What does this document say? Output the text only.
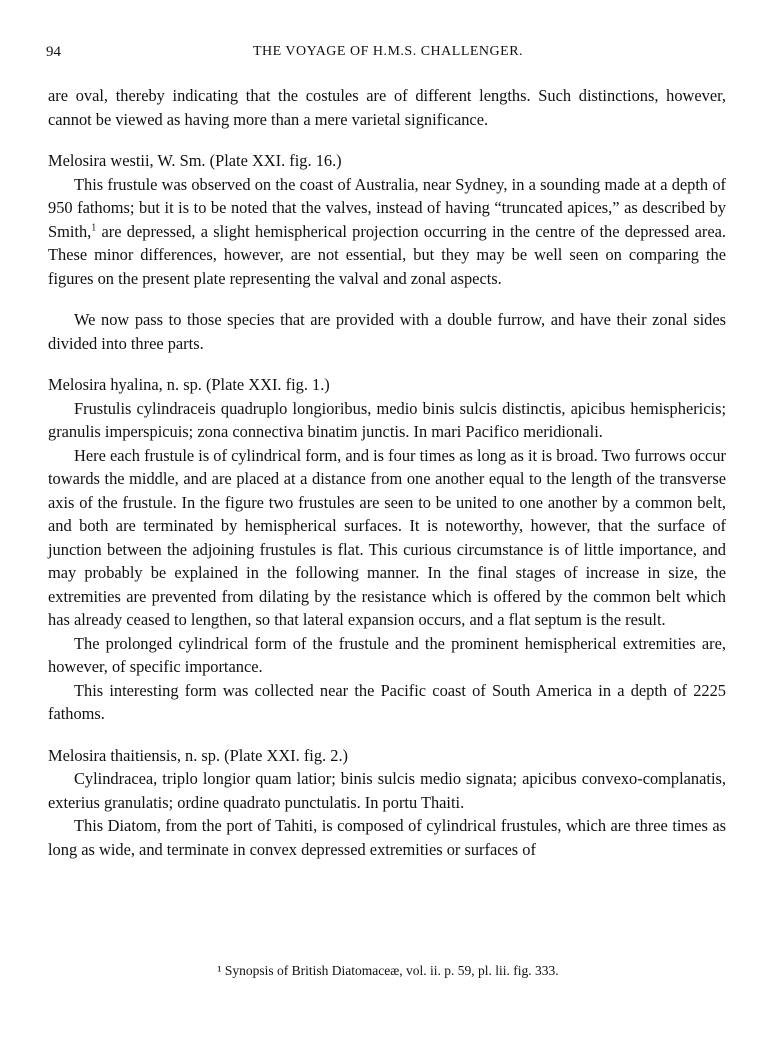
94	THE VOYAGE OF H.M.S. CHALLENGER.

are oval, thereby indicating that the costules are of different lengths. Such distinctions, however, cannot be viewed as having more than a mere varietal significance.

Melosira westii, W. Sm. (Plate XXI. fig. 16.)

This frustule was observed on the coast of Australia, near Sydney, in a sounding made at a depth of 950 fathoms; but it is to be noted that the valves, instead of having “truncated apices,” as described by Smith,$^1$ are depressed, a slight hemispherical projection occurring in the centre of the depressed area. These minor differences, however, are not essential, but they may be well seen on comparing the figures on the present plate representing the valval and zonal aspects.

We now pass to those species that are provided with a double furrow, and have their zonal sides divided into three parts.

Melosira hyalina, n. sp. (Plate XXI. fig. 1.)

Frustulis cylindraceis quadruplo longioribus, medio binis sulcis distinctis, apicibus hemisphericis; granulis imperspicuis; zona connectiva binatim junctis. In mari Pacifico meridionali.

Here each frustule is of cylindrical form, and is four times as long as it is broad. Two furrows occur towards the middle, and are placed at a distance from one another equal to the length of the transverse axis of the frustule. In the figure two frustules are seen to be united to one another by a common belt, and both are terminated by hemispherical surfaces. It is noteworthy, however, that the surface of junction between the adjoining frustules is flat. This curious circumstance is of little importance, and may probably be explained in the following manner. In the final stages of increase in size, the extremities are prevented from dilating by the resistance which is offered by the common belt which has already ceased to lengthen, so that lateral expansion occurs, and a flat septum is the result.

The prolonged cylindrical form of the frustule and the prominent hemispherical extremities are, however, of specific importance.

This interesting form was collected near the Pacific coast of South America in a depth of 2225 fathoms.

Melosira thaitiensis, n. sp. (Plate XXI. fig. 2.)

Cylindracea, triplo longior quam latior; binis sulcis medio signata; apicibus convexo-complanatis, exterius granulatis; ordine quadrato punctulatis. In portu Thaiti.

This Diatom, from the port of Tahiti, is composed of cylindrical frustules, which are three times as long as wide, and terminate in convex depressed extremities or surfaces of

¹ Synopsis of British Diatomaceæ, vol. ii. p. 59, pl. lii. fig. 333.
